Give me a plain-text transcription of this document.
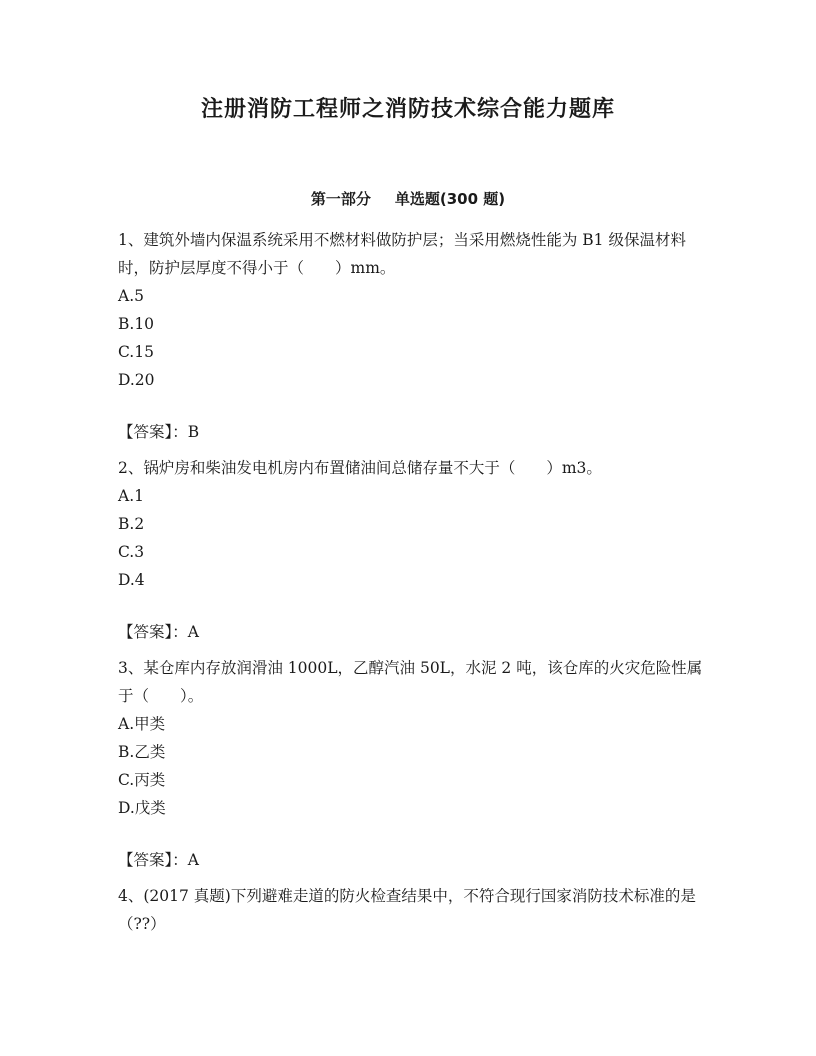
注册消防工程师之消防技术综合能力题库
第一部分 单选题(300 题)

1、建筑外墙内保温系统采用不燃材料做防护层；当采用燃烧性能为 B1 级保温材料时，防护层厚度不得小于（　　）mm。

A.5

B.10

C.15

D.20

【答案】：B

2、锅炉房和柴油发电机房内布置储油间总储存量不大于（　　）m3。

A.1

B.2

C.3

D.4

【答案】：A

3、某仓库内存放润滑油 1000L，乙醇汽油 50L，水泥 2 吨，该仓库的火灾危险性属于（　　）。

A.甲类

B.乙类

C.丙类

D.戊类

【答案】：A

4、(2017 真题)下列避难走道的防火检查结果中，不符合现行国家消防技术标准的是（??）
